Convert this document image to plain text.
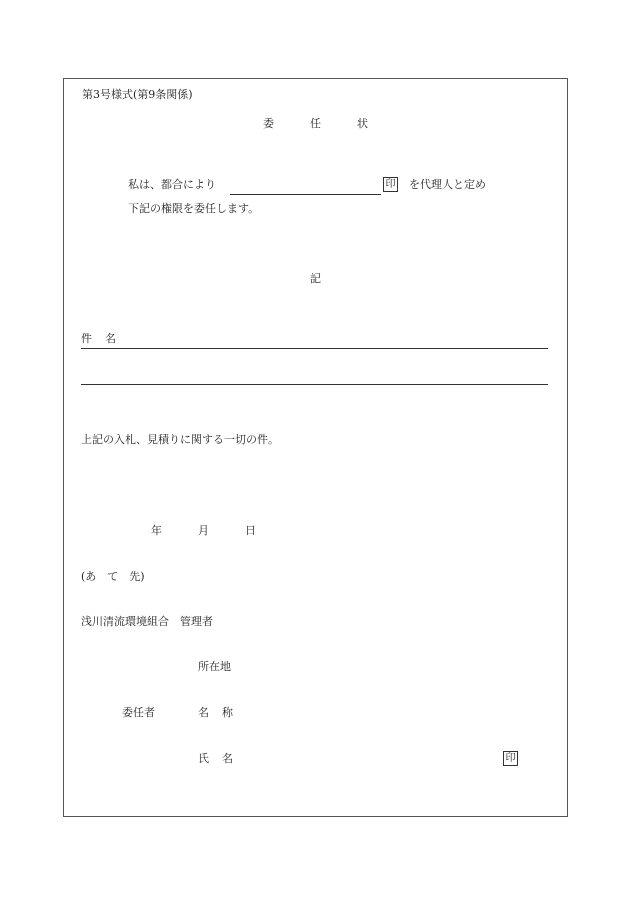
第3号様式(第9条関係)
委	任	状
私は、都合により	印 を代理人と定め
下記の権限を委任します。
記
件 名
上記の入札、見積りに関する一切の件。
年	月	日
(あ　て　先)
浅川清流環境組合　管理者
所在地
委任者	名 称
氏 名	印
